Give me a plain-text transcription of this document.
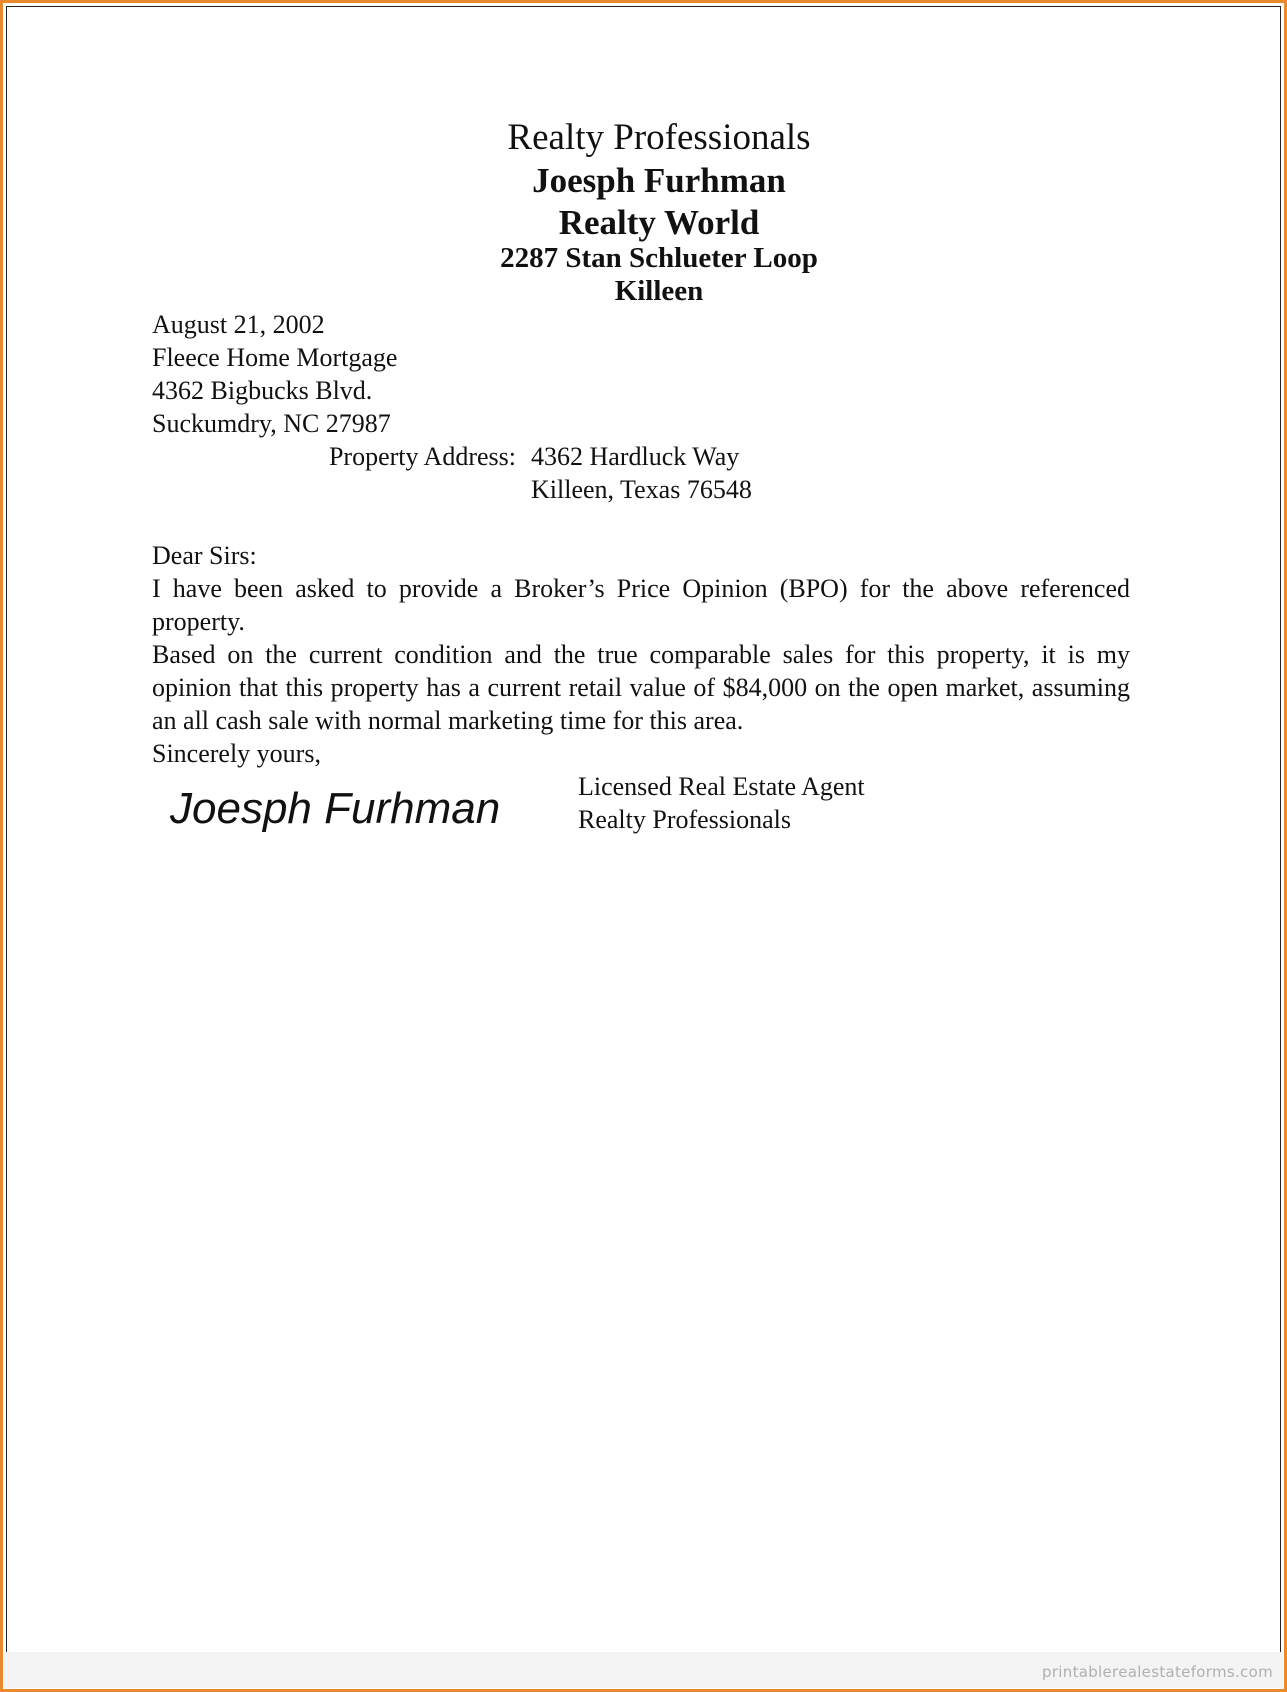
Realty Professionals
Joesph Furhman
Realty World
2287 Stan Schlueter Loop
Killeen
August 21, 2002
Fleece Home Mortgage
4362 Bigbucks Blvd.
Suckumdry, NC 27987
Property Address: 4362 Hardluck Way
Killeen, Texas 76548
Dear Sirs:
I have been asked to provide a Broker’s Price Opinion (BPO) for the above referenced property.
Based on the current condition and the true comparable sales for this property, it is my opinion that this property has a current retail value of $84,000 on the open market, assuming an all cash sale with normal marketing time for this area.
Sincerely yours,
Joesph Furhman	Licensed Real Estate Agent
Realty Professionals
printablerealestateforms.com
